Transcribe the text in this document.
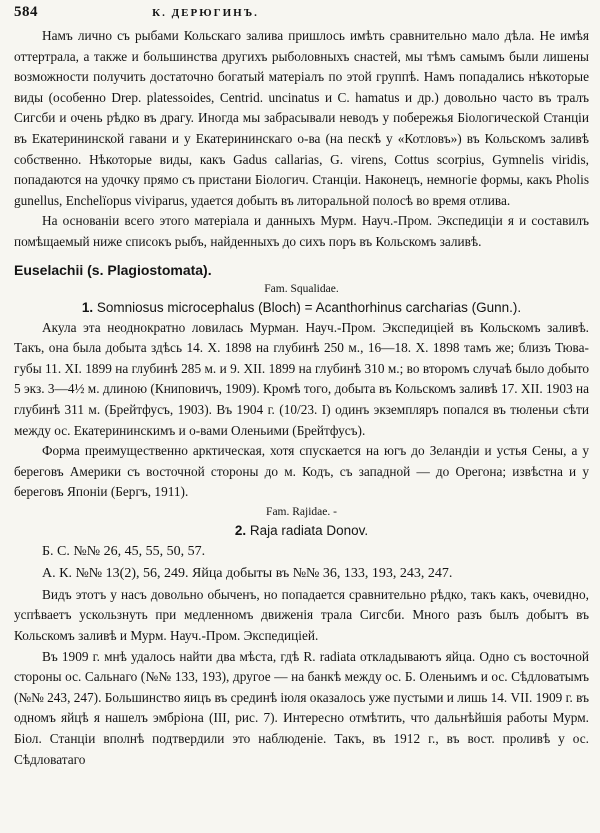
584	К. ДЕРЮГИНЪ.

Намъ лично съ рыбами Кольскаго залива пришлось имѣть сравнительно мало дѣла. Не имѣя оттертрала, а также и большинства другихъ рыболовныхъ снастей, мы тѣмъ самымъ были лишены возможности получить достаточно богатый матеріалъ по этой группѣ. Намъ попадались нѣкоторые виды (особенно Drep. platessoides, Centrid. uncinatus и C. hamatus и др.) довольно часто въ тралъ Сигсби и очень рѣдко въ драгу. Иногда мы забрасывали неводъ у побережья Біологической Станціи въ Екатерининской гавани и у Екатерининскаго о-ва (на пескѣ у «Котловъ») въ Кольскомъ заливѣ собственно. Нѣкоторые виды, какъ Gadus callarias, G. virens, Cottus scorpius, Gymnelis viridis, попадаются на удочку прямо съ пристани Біологич. Станціи. Наконецъ, немногіе формы, какъ Pholis gunellus, Enchelïopus viviparus, удается добыть въ литоральной полосѣ во время отлива.

На основаніи всего этого матеріала и данныхъ Мурм. Науч.-Пром. Экспедиціи я и составилъ помѣщаемый ниже списокъ рыбъ, найденныхъ до сихъ поръ въ Кольскомъ заливѣ.

Euselachii (s. Plagiostomata).
Fam. Squalidae.
1. Somniosus microcephalus (Bloch) = Acanthorhinus carcharias (Gunn.).

Акула эта неоднократно ловилась Мурман. Науч.-Пром. Экспедиціей въ Кольскомъ заливѣ. Такъ, она была добыта здѣсь 14. X. 1898 на глубинѣ 250 м., 16—18. X. 1898 тамъ же; близъ Тюва-губы 11. XI. 1899 на глубинѣ 285 м. и 9. XII. 1899 на глубинѣ 310 м.; во второмъ случаѣ было добыто 5 экз. 3—4½ м. длиною (Книповичъ, 1909). Кромѣ того, добыта въ Кольскомъ заливѣ 17. XII. 1903 на глубинѣ 311 м. (Брейтфусъ, 1903). Въ 1904 г. (10/23. I) одинъ экземпляръ попался въ тюленьи сѣти между ос. Екатерининскимъ и о-вами Оленьими (Брейтфусъ).

Форма преимущественно арктическая, хотя спускается на югъ до Зеландіи и устья Сены, а у береговъ Америки съ восточной стороны до м. Кодъ, съ западной — до Орегона; извѣстна и у береговъ Японіи (Бергъ, 1911).

Fam. Rajidae. -
2. Raja radiata Donov.
Б. С. №№ 26, 45, 55, 50, 57.
А. К. №№ 13(2), 56, 249. Яйца добыты въ №№ 36, 133, 193, 243, 247.

Видъ этотъ у насъ довольно обыченъ, но попадается сравнительно рѣдко, такъ какъ, очевидно, успѣваетъ ускользнуть при медленномъ движенія трала Сигсби. Много разъ былъ добытъ въ Кольскомъ заливѣ и Мурм. Науч.-Пром. Экспедиціей.

Въ 1909 г. мнѣ удалось найти два мѣста, гдѣ R. radiata откладываютъ яйца. Одно съ восточной стороны ос. Сальнаго (№№ 133, 193), другое — на банкѣ между ос. Б. Оленьимъ и ос. Сѣдловатымъ (№№ 243, 247). Большинство яицъ въ срединѣ іюля оказалось уже пустыми и лишь 14. VII. 1909 г. въ одномъ яйцѣ я нашелъ эмбріона (III, рис. 7). Интересно отмѣтить, что дальнѣйшія работы Мурм. Біол. Станціи вполнѣ подтвердили это наблюденіе. Такъ, въ 1912 г., въ вост. проливѣ у ос. Сѣдловатаго
